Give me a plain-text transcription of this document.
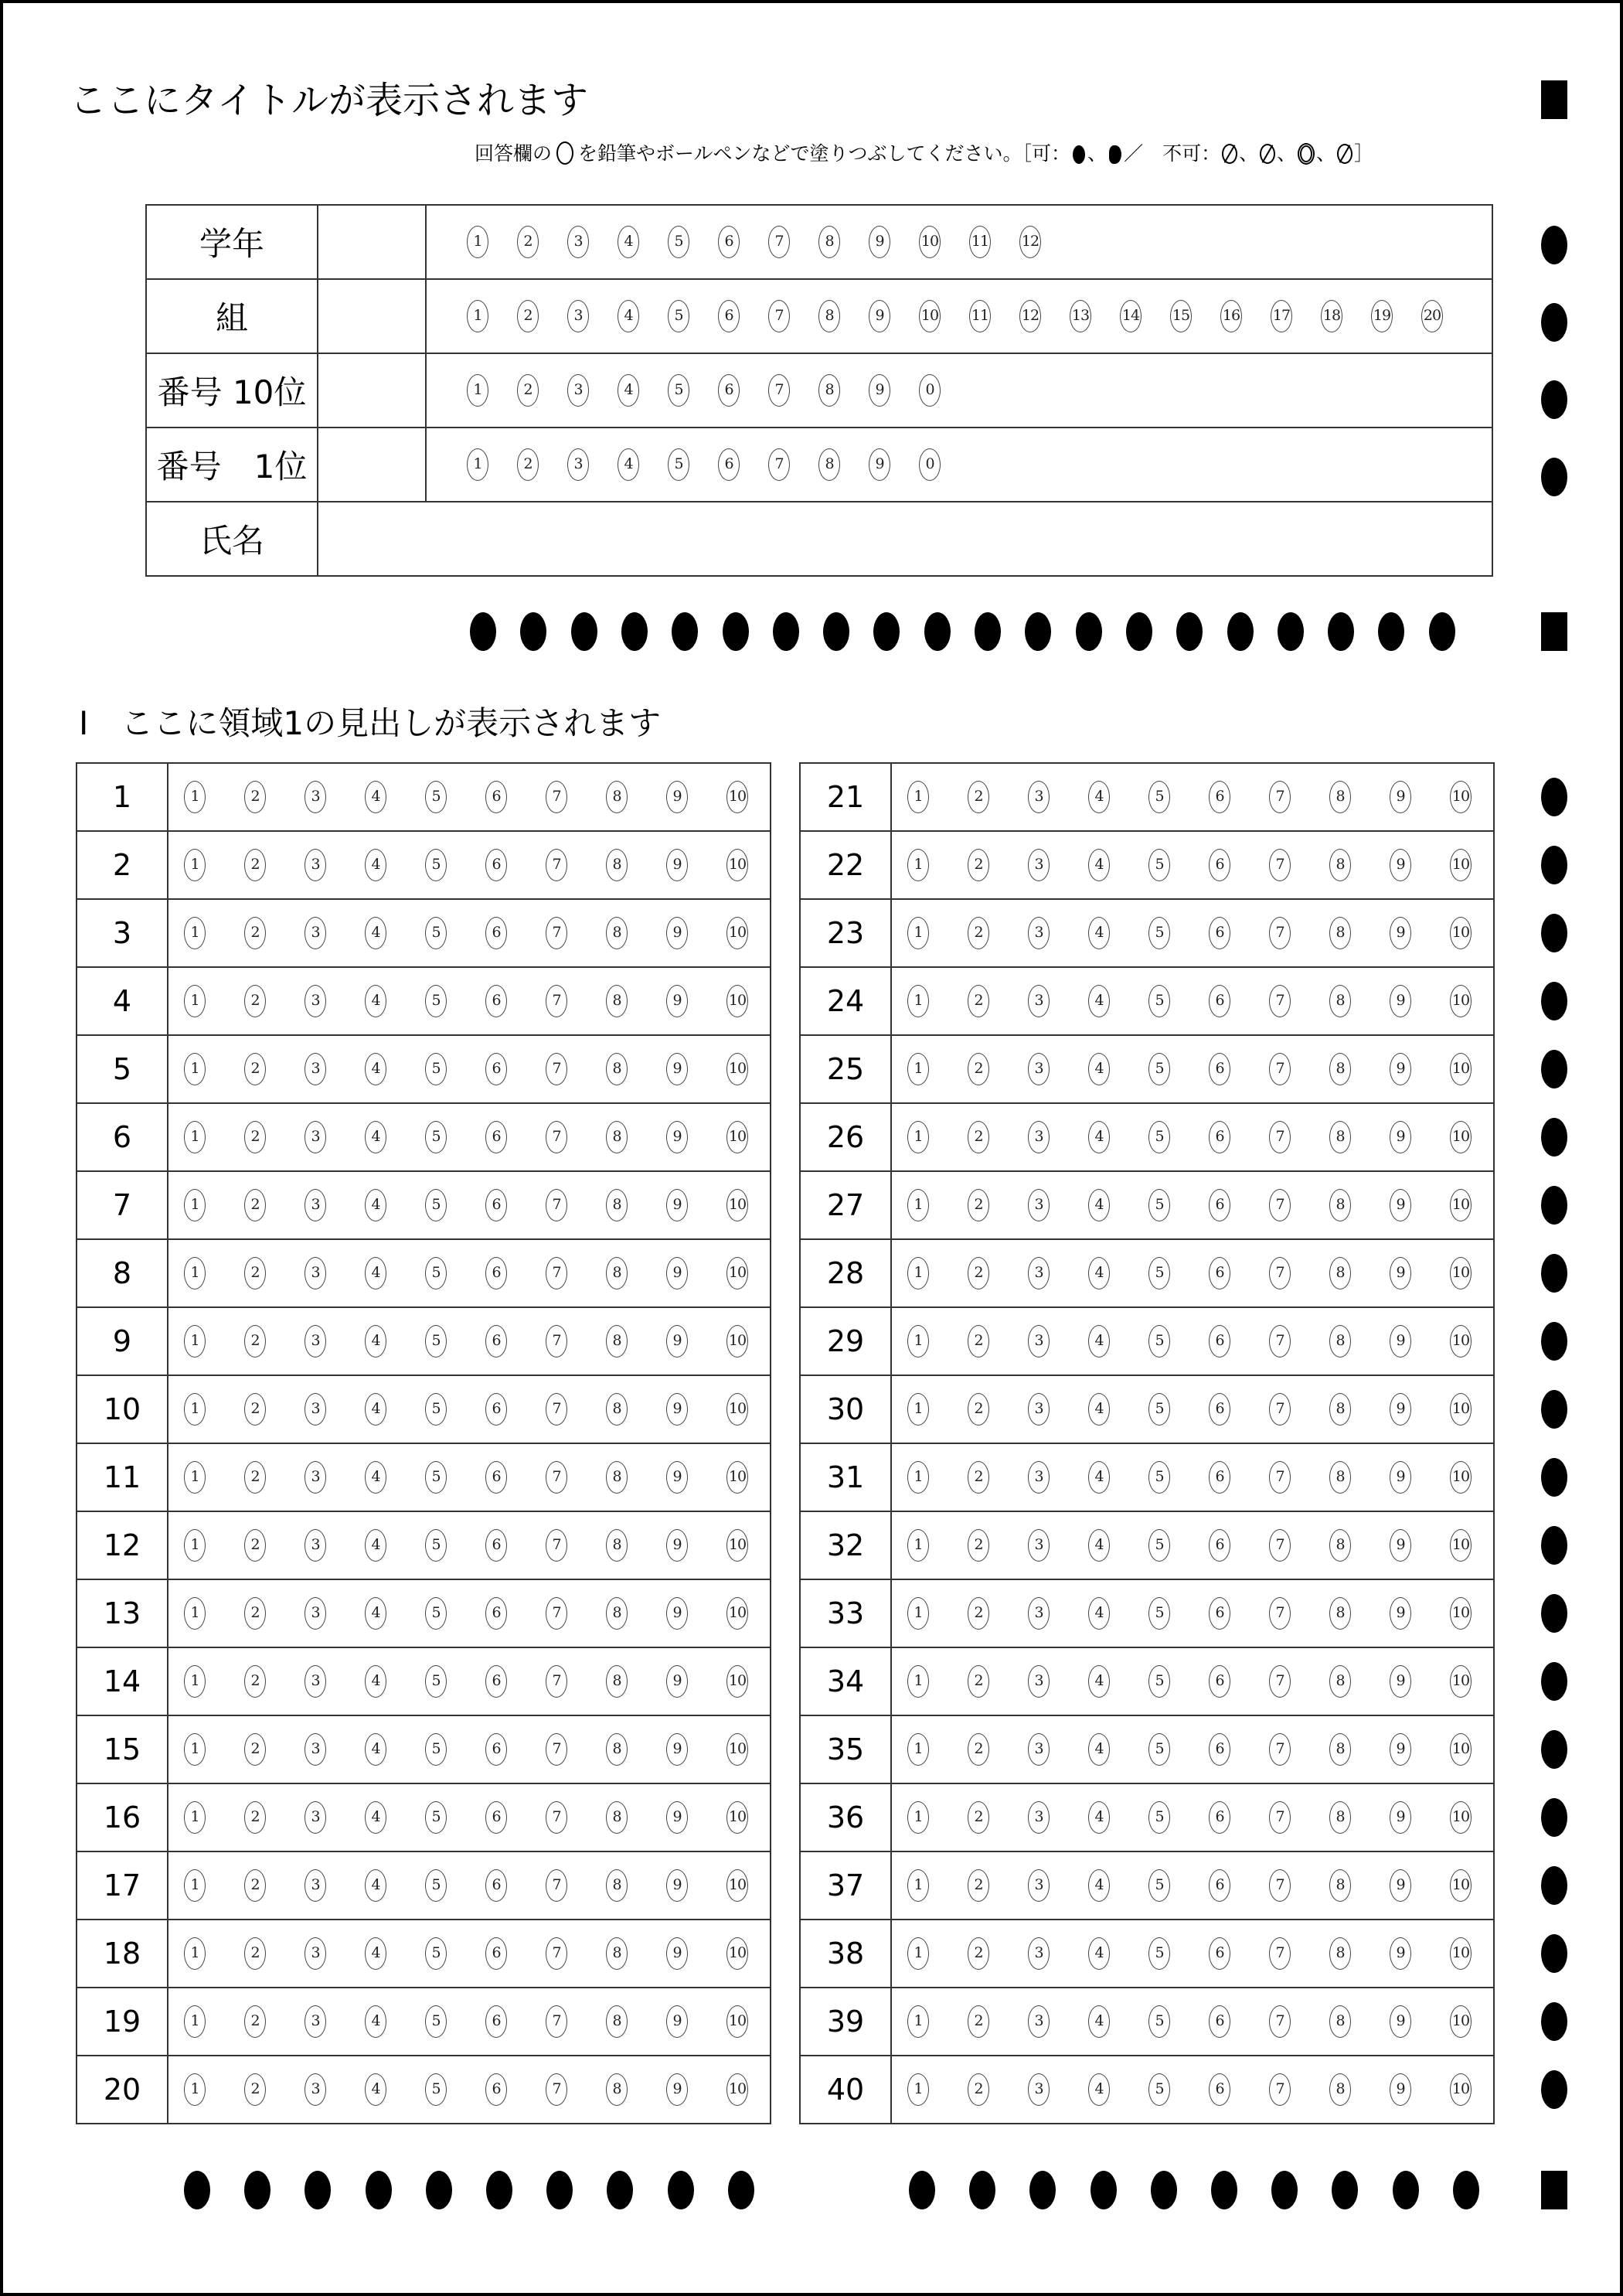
ここにタイトルが表示されます
回答欄の を鉛筆やボールペンなどで塗りつぶしてください。［可： 、 ／　不可： 、 、 、 ］
学年		1 2 3 4 5 6 7 8 9 10 11 12
組		1 2 3 4 5 6 7 8 9 10 11 12 13 14 15 16 17 18 19 20
番号 10位		1 2 3 4 5 6 7 8 9 0
番号　1位		1 2 3 4 5 6 7 8 9 0
氏名		
Ⅰ　ここに領域1の見出しが表示されます
1	1 2 3 4 5 6 7 8 9 10
2	1 2 3 4 5 6 7 8 9 10
3	1 2 3 4 5 6 7 8 9 10
4	1 2 3 4 5 6 7 8 9 10
5	1 2 3 4 5 6 7 8 9 10
6	1 2 3 4 5 6 7 8 9 10
7	1 2 3 4 5 6 7 8 9 10
8	1 2 3 4 5 6 7 8 9 10
9	1 2 3 4 5 6 7 8 9 10
10	1 2 3 4 5 6 7 8 9 10
11	1 2 3 4 5 6 7 8 9 10
12	1 2 3 4 5 6 7 8 9 10
13	1 2 3 4 5 6 7 8 9 10
14	1 2 3 4 5 6 7 8 9 10
15	1 2 3 4 5 6 7 8 9 10
16	1 2 3 4 5 6 7 8 9 10
17	1 2 3 4 5 6 7 8 9 10
18	1 2 3 4 5 6 7 8 9 10
19	1 2 3 4 5 6 7 8 9 10
20	1 2 3 4 5 6 7 8 9 10
21	1 2 3 4 5 6 7 8 9 10
22	1 2 3 4 5 6 7 8 9 10
23	1 2 3 4 5 6 7 8 9 10
24	1 2 3 4 5 6 7 8 9 10
25	1 2 3 4 5 6 7 8 9 10
26	1 2 3 4 5 6 7 8 9 10
27	1 2 3 4 5 6 7 8 9 10
28	1 2 3 4 5 6 7 8 9 10
29	1 2 3 4 5 6 7 8 9 10
30	1 2 3 4 5 6 7 8 9 10
31	1 2 3 4 5 6 7 8 9 10
32	1 2 3 4 5 6 7 8 9 10
33	1 2 3 4 5 6 7 8 9 10
34	1 2 3 4 5 6 7 8 9 10
35	1 2 3 4 5 6 7 8 9 10
36	1 2 3 4 5 6 7 8 9 10
37	1 2 3 4 5 6 7 8 9 10
38	1 2 3 4 5 6 7 8 9 10
39	1 2 3 4 5 6 7 8 9 10
40	1 2 3 4 5 6 7 8 9 10
